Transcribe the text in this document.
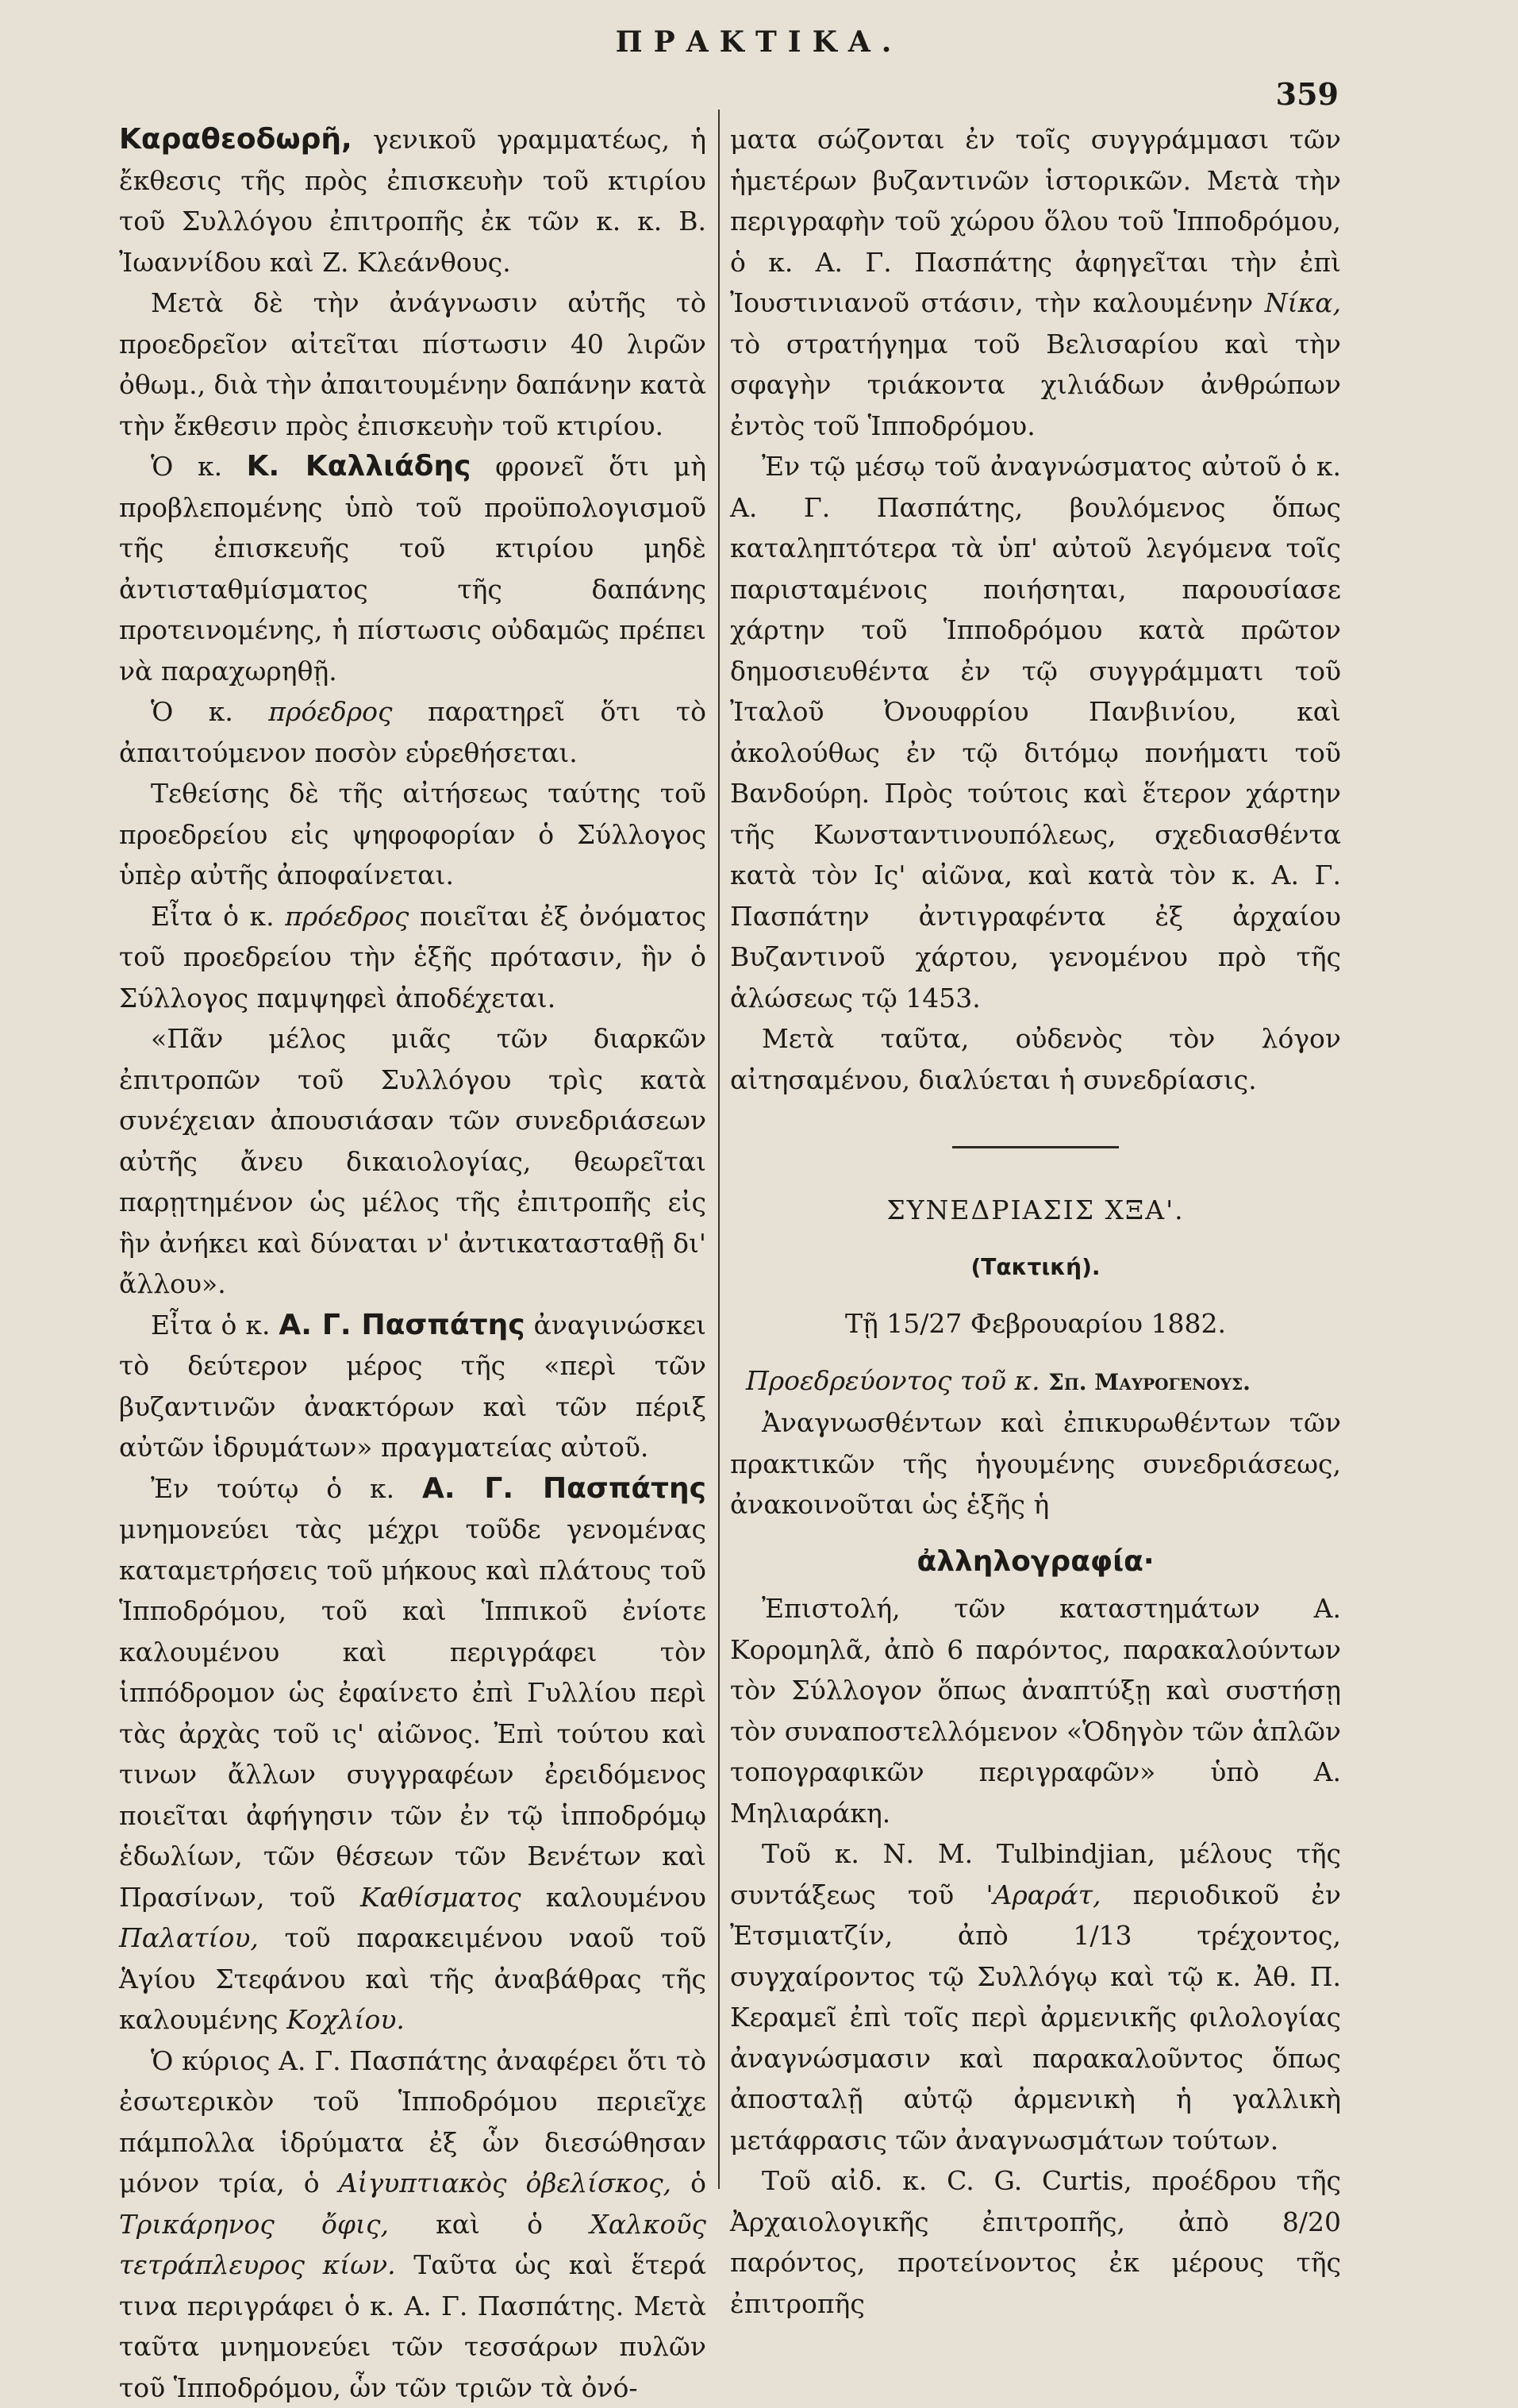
ΠΡΑΚΤΙΚΑ.
359

Καραθεοδωρῆ, γενικοῦ γραμματέως, ἡ ἔκθεσις τῆς πρὸς ἐπισκευὴν τοῦ κτιρίου τοῦ Συλλόγου ἐπιτροπῆς ἐκ τῶν κ. κ. Β. Ἰωαννίδου καὶ Ζ. Κλεάνθους.

Μετὰ δὲ τὴν ἀνάγνωσιν αὐτῆς τὸ προεδρεῖον αἰτεῖται πίστωσιν 40 λιρῶν ὀθωμ., διὰ τὴν ἀπαιτουμένην δαπάνην κατὰ τὴν ἔκθεσιν πρὸς ἐπισκευὴν τοῦ κτιρίου.

Ὁ κ. Κ. Καλλιάδης φρονεῖ ὅτι μὴ προβλεπομένης ὑπὸ τοῦ προϋπολογισμοῦ τῆς ἐπισκευῆς τοῦ κτιρίου μηδὲ ἀντισταθμίσματος τῆς δαπάνης προτεινομένης, ἡ πίστωσις οὐδαμῶς πρέπει νὰ παραχωρηθῇ.

Ὁ κ. πρόεδρος παρατηρεῖ ὅτι τὸ ἀπαιτούμενον ποσὸν εὑρεθήσεται.

Τεθείσης δὲ τῆς αἰτήσεως ταύτης τοῦ προεδρείου εἰς ψηφοφορίαν ὁ Σύλλογος ὑπὲρ αὐτῆς ἀποφαίνεται.

Εἶτα ὁ κ. πρόεδρος ποιεῖται ἐξ ὀνόματος τοῦ προεδρείου τὴν ἑξῆς πρότασιν, ἣν ὁ Σύλλογος παμψηφεὶ ἀποδέχεται.

«Πᾶν μέλος μιᾶς τῶν διαρκῶν ἐπιτροπῶν τοῦ Συλλόγου τρὶς κατὰ συνέχειαν ἀπουσιάσαν τῶν συνεδριάσεων αὐτῆς ἄνευ δικαιολογίας, θεωρεῖται παρῃτημένον ὡς μέλος τῆς ἐπιτροπῆς εἰς ἣν ἀνήκει καὶ δύναται ν' ἀντικατασταθῇ δι' ἄλλου».

Εἶτα ὁ κ. Α. Γ. Πασπάτης ἀναγινώσκει τὸ δεύτερον μέρος τῆς «περὶ τῶν βυζαντινῶν ἀνακτόρων καὶ τῶν πέριξ αὐτῶν ἱδρυμάτων» πραγματείας αὐτοῦ.

Ἐν τούτῳ ὁ κ. Α. Γ. Πασπάτης μνημονεύει τὰς μέχρι τοῦδε γενομένας καταμετρήσεις τοῦ μήκους καὶ πλάτους τοῦ Ἱπποδρόμου, τοῦ καὶ Ἱππικοῦ ἐνίοτε καλουμένου καὶ περιγράφει τὸν ἱππόδρομον ὡς ἐφαίνετο ἐπὶ Γυλλίου περὶ τὰς ἀρχὰς τοῦ ις' αἰῶνος. Ἐπὶ τούτου καὶ τινων ἄλλων συγγραφέων ἐρειδόμενος ποιεῖται ἀφήγησιν τῶν ἐν τῷ ἱπποδρόμῳ ἑδωλίων, τῶν θέσεων τῶν Βενέτων καὶ Πρασίνων, τοῦ Καθίσματος καλουμένου Παλατίου, τοῦ παρακειμένου ναοῦ τοῦ Ἁγίου Στεφάνου καὶ τῆς ἀναβάθρας τῆς καλουμένης Κοχλίου.

Ὁ κύριος Α. Γ. Πασπάτης ἀναφέρει ὅτι τὸ ἐσωτερικὸν τοῦ Ἱπποδρόμου περιεῖχε πάμπολλα ἱδρύματα ἐξ ὧν διεσώθησαν μόνον τρία, ὁ Αἰγυπτιακὸς ὀβελίσκος, ὁ Τρικάρηνος ὄφις, καὶ ὁ Χαλκοῦς τετράπλευρος κίων. Ταῦτα ὡς καὶ ἕτερά τινα περιγράφει ὁ κ. Α. Γ. Πασπάτης. Μετὰ ταῦτα μνημονεύει τῶν τεσσάρων πυλῶν τοῦ Ἱπποδρόμου, ὧν τῶν τριῶν τὰ ὀνό-

ματα σώζονται ἐν τοῖς συγγράμμασι τῶν ἡμετέρων βυζαντινῶν ἱστορικῶν. Μετὰ τὴν περιγραφὴν τοῦ χώρου ὅλου τοῦ Ἱπποδρόμου, ὁ κ. Α. Γ. Πασπάτης ἀφηγεῖται τὴν ἐπὶ Ἰουστινιανοῦ στάσιν, τὴν καλουμένην Νίκα, τὸ στρατήγημα τοῦ Βελισαρίου καὶ τὴν σφαγὴν τριάκοντα χιλιάδων ἀνθρώπων ἐντὸς τοῦ Ἱπποδρόμου.

Ἐν τῷ μέσῳ τοῦ ἀναγνώσματος αὐτοῦ ὁ κ. Α. Γ. Πασπάτης, βουλόμενος ὅπως καταληπτότερα τὰ ὑπ' αὐτοῦ λεγόμενα τοῖς παρισταμένοις ποιήσηται, παρουσίασε χάρτην τοῦ Ἱπποδρόμου κατὰ πρῶτον δημοσιευθέντα ἐν τῷ συγγράμματι τοῦ Ἰταλοῦ Ὀνουφρίου Πανβινίου, καὶ ἀκολούθως ἐν τῷ διτόμῳ πονήματι τοῦ Βανδούρη. Πρὸς τούτοις καὶ ἕτερον χάρτην τῆς Κωνσταντινουπόλεως, σχεδιασθέντα κατὰ τὸν Ις' αἰῶνα, καὶ κατὰ τὸν κ. Α. Γ. Πασπάτην ἀντιγραφέντα ἐξ ἀρχαίου Βυζαντινοῦ χάρτου, γενομένου πρὸ τῆς ἁλώσεως τῷ 1453.

Μετὰ ταῦτα, οὐδενὸς τὸν λόγον αἰτησαμένου, διαλύεται ἡ συνεδρίασις.

ΣΥΝΕΔΡΙΑΣΙΣ ΧΞΑ'.

(Τακτική).

Τῇ 15/27 Φεβρουαρίου 1882.

Προεδρεύοντος τοῦ κ. Σπ. Μαυρογενους.

Ἀναγνωσθέντων καὶ ἐπικυρωθέντων τῶν πρακτικῶν τῆς ἡγουμένης συνεδριάσεως, ἀνακοινοῦται ὡς ἑξῆς ἡ

ἀλληλογραφία·

Ἐπιστολή, τῶν καταστημάτων Α. Κορομηλᾶ, ἀπὸ 6 παρόντος, παρακαλούντων τὸν Σύλλογον ὅπως ἀναπτύξῃ καὶ συστήσῃ τὸν συναποστελλόμενον «Ὁδηγὸν τῶν ἁπλῶν τοπογραφικῶν περιγραφῶν» ὑπὸ Α. Μηλιαράκη.

Τοῦ κ. Ν. Μ. Tulbindjian, μέλους τῆς συντάξεως τοῦ 'Αραράτ, περιοδικοῦ ἐν Ἐτσμιατζίν, ἀπὸ 1/13 τρέχοντος, συγχαίροντος τῷ Συλλόγῳ καὶ τῷ κ. Ἀθ. Π. Κεραμεῖ ἐπὶ τοῖς περὶ ἀρμενικῆς φιλολογίας ἀναγνώσμασιν καὶ παρακαλοῦντος ὅπως ἀποσταλῇ αὐτῷ ἀρμενικὴ ἡ γαλλικὴ μετάφρασις τῶν ἀναγνωσμάτων τούτων.

Τοῦ αἰδ. κ. C. G. Curtis, προέδρου τῆς Ἀρχαιολογικῆς ἐπιτροπῆς, ἀπὸ 8/20 παρόντος, προτείνοντος ἐκ μέρους τῆς ἐπιτροπῆς
